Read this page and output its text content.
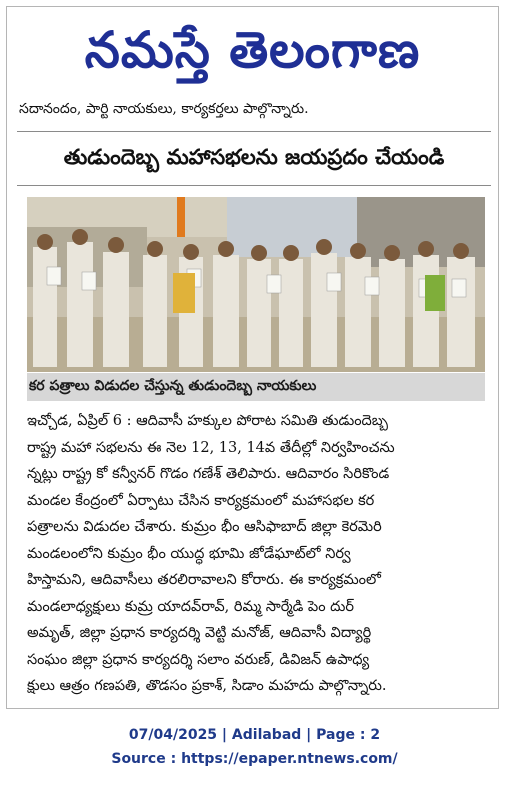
నమస్తే తెలంగాణ
సదానందం, పార్టి నాయకులు, కార్యకర్తలు పాల్గొన్నారు.
తుడుందెబ్బ మహాసభలను జయప్రదం చేయండి
కర పత్రాలు విడుదల చేస్తున్న తుడుందెబ్బ నాయకులు
ఇచ్చోడ, ఏప్రిల్ 6 : ఆదివాసీ హక్కుల పోరాట సమితి తుడుందెబ్బ
రాష్ట్ర మహా సభలను ఈ నెల 12, 13, 14వ తేదీల్లో నిర్వహించను
న్నట్లు రాష్ట్ర కో కన్వీనర్ గొడం గణేశ్ తెలిపారు. ఆదివారం సిరికొండ
మండల కేంద్రంలో ఏర్పాటు చేసిన కార్యక్రమంలో మహాసభల కర
పత్రాలను విడుదల చేశారు. కుమ్రం భీం ఆసిఫాబాద్ జిల్లా కెరమెరి
మండలంలోని కుమ్రం భీం యుద్ధ భూమి జోడేఘాట్‌లో నిర్వ
హిస్తామని, ఆదివాసీలు తరలిరావాలని కోరారు. ఈ కార్యక్రమంలో
మండలాధ్యక్షులు కుమ్ర యాదవ్‌రావ్, రిమ్మ సార్మేడి పెం దుర్
అమృత్, జిల్లా ప్రధాన కార్యదర్శి వెట్టి మనోజ్, ఆదివాసీ విద్యార్థి
సంఘం జిల్లా ప్రధాన కార్యదర్శి సలాం వరుణ్, డివిజన్ ఉపాధ్య
క్షులు ఆత్రం గణపతి, తొడసం ప్రకాశ్, సిడాం మహదు పాల్గొన్నారు.
07/04/2025 | Adilabad | Page : 2
Source : https://epaper.ntnews.com/
